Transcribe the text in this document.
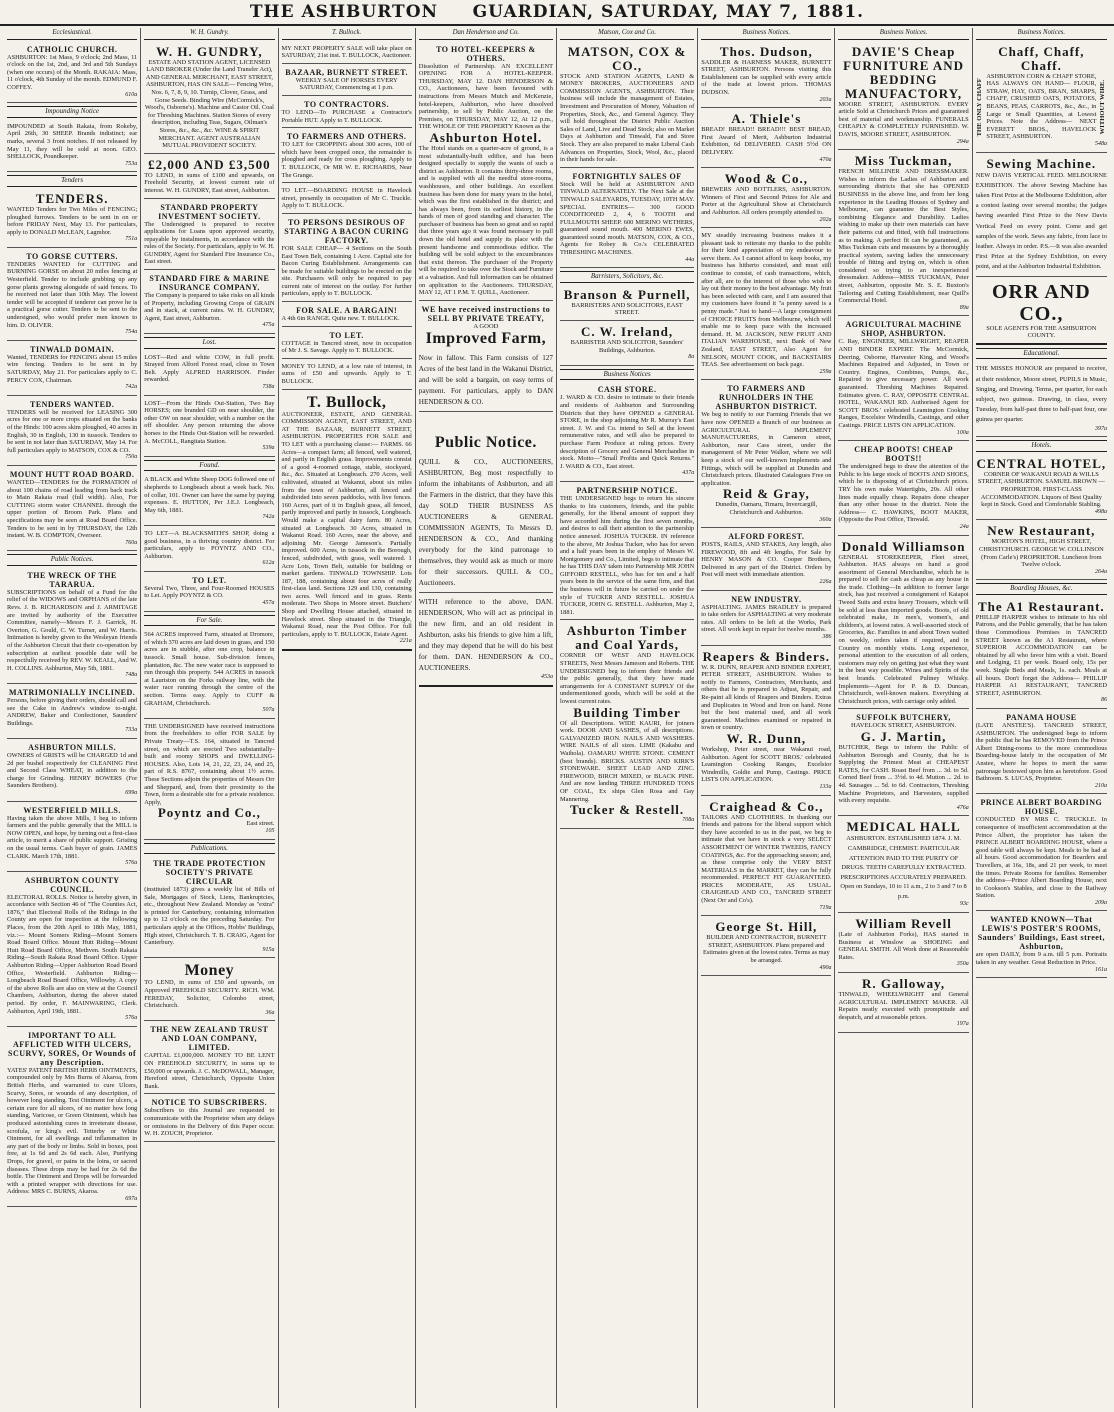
THE ASHBURTON GUARDIAN, SATURDAY, MAY 7, 1881.
Ecclesiastical.
CATHOLIC CHURCH.
ASHBURTON: 1st Mass, 9 o'clock; 2nd Mass, 11 o'clock on the 1st, 2nd, and 3rd and 5th Sundays (when one occurs) of the Month. RAKAIA: Mass, 11 o'clock, 4th Sunday of the month. EDMUND F. COFFEY.
610a
Impounding Notice
IMPOUNDED at South Rakaia, from Rokeby, April 26th, 30 SHEEP. Brands indistinct; ear marks, several 3 front notches. If not released by May 11, they will be sold at noon. GEO. SHELLOCK, Poundkeeper.
753a
Tenders
TENDERS.
WANTED Tenders for Two Miles of FENCING; ploughed furrows. Tenders to be sent in on or before FRIDAY Next, May 13. For particulars, apply to DONALD McLEAN, Lagmhor.
751a
TO GORSE CUTTERS.
TENDERS WANTED for CUTTING and BURNING GORSE on about 20 miles fencing at Westerfield. Tender to include grubbing up any gorse plants growing alongside of said fences. To be received not later than 10th May. The lowest tender will be accepted if tenderer can prove he is a practical gorse cutter. Tenders to be sent to the undersigned, who would prefer men known to him. D. OLIVER.
754a
TINWALD DOMAIN.
Wanted, TENDERS for FENCING about 15 miles wire fencing. Tenders to be sent in by SATURDAY, May 21. For particulars apply to C. PERCY COX, Chairman.
742a
TENDERS WANTED.
TENDERS will be received for LEASING 300 acres for one or more crops situated on the banks of the Hinds: 100 acres skim ploughed, 40 acres in English, 30 in English, 130 in tussock. Tenders to be sent in not later than SATURDAY, May 14. For full particulars apply to MATSON, COX & CO.
750a
MOUNT HUTT ROAD BOARD.
WANTED—TENDERS for the FORMATION of about 100 chains of road leading from back track to Main Rakaia road (full width). Also, For CUTTING storm water CHANNEL through the upper portion of Broom Park. Plans and specifications may be seen at Road Board Office. Tenders to be sent in by THURSDAY, the 12th instant. W. B. COMPTON, Overseer.
760a
Public Notices.
THE WRECK OF THE TARARUA.
SUBSCRIPTIONS on behalf of a Fund for the relief of the WIDOWS and ORPHANS of the late Revs. J. B. RICHARDSON and J. ARMITAGE are invited by authority of the Executive Committee, namely—Messrs F. J. Garrick, H. Overton, G. Gould, C. W. Turner, and W. Harris. Intimation is hereby given to the Wesleyan friends of the Ashburton Circuit that their co-operation by subscription at earliest possible date will be respectfully received by REV. W. KEALL, And W. H. COLLINS. Ashburton, May 5th, 1881.
748a
MATRIMONIALLY INCLINED.
Persons, before giving their orders, should call and see the Cake in Andrew's window to-night. ANDREW, Baker and Confectioner, Saunders' Buildings.
733a
ASHBURTON MILLS.
OWNERS of GRISTS will be CHARGED 1d and 2d per bushel respectively for CLEANING First and Second Class WHEAT, in addition to the charge for Grinding. HENRY BOWERS (For Saunders Brothers).
699a
WESTERFIELD MILLS.
Having taken the above Mills, I beg to inform farmers and the public generally that the MILL is NOW OPEN, and hope, by turning out a first-class article, to merit a share of public support. Gristing on the usual terms. Cash buyer of grain. JAMES CLARK. March 17th, 1881.
576a
ASHBURTON COUNTY COUNCIL.
ELECTORAL ROLLS. Notice is hereby given, in accordance with Section 46 of "The Counties Act, 1876," that Electoral Rolls of the Ridings in the County are open for inspection at the following Places, from the 20th April to 18th May, 1881, viz.:— Mount Somers Riding—Mount Somers Road Board Office. Mount Hutt Riding—Mount Hutt Road Board Office, Methven. South Rakaia Riding—South Rakaia Road Board Office. Upper Ashburton Riding—Upper Ashburton Road Board Office, Westerfield. Ashburton Riding—Longbeach Road Board Office, Willowby. A copy of the above Rolls are also on view at the Council Chambers, Ashburton, during the above stated period. By order, F. MAINWARING, Clerk. Ashburton, April 19th, 1881.
576a
IMPORTANT TO ALL AFFLICTED WITH ULCERS, SCURVY, SORES, Or Wounds of any Description.
YATES' PATENT BRITISH HERB OINTMENTS, compounded only by Mrs Burns of Akaroa, from British Herbs, and warranted to cure Ulcers, Scurvy, Sores, or wounds of any description, of however long standing. Test Ointment for ulcers, a certain cure for all ulcers, of no matter how long standing, Varicose, or Green Ointment, which has produced astonishing cures in inveterate disease, scrofula, or king's evil. Tetterby or White Ointment, for all swellings and inflammation in any part of the body or limbs. Sold in boxes, post free, at 1s 6d and 2s 6d each. Also, Purifying Drops, for gravel, or pains in the loins, or sacred diseases. These drops may be had for 2s 6d the bottle. The Ointment and Drops will be forwarded with a printed wrapper with directions for use. Address: MRS C. BURNS, Akaroa.
697a
W. H. Gundry.
W. H. GUNDRY,
ESTATE AND STATION AGENT, LICENSED LAND BROKER (Under the Land Transfer Act), AND GENERAL MERCHANT, EAST STREET, ASHBURTON, HAS ON SALE— Fencing Wire, Nos. 6, 7, 8, 9, 10. Turnip, Clover, Grass, and Gorse Seeds. Binding Wire (McCormick's, Wood's, Osborne's). Machine and Castor Oil. Coal for Threshing Machines. Station Stores of every description, including Teas, Sugars, Oilman's Stores, &c., &c., &c. WINE & SPIRIT MERCHANT. AGENT AUSTRALIAN MUTUAL PROVIDENT SOCIETY.
£2,000 AND £3,500
TO LEND, in sums of £100 and upwards, on Freehold Security, at lowest current rate of interest. W. H. GUNDRY, East street, Ashburton.
STANDARD PROPERTY INVESTMENT SOCIETY.
The Undersigned is prepared to receive applications for Loans upon approved security, repayable by instalments, in accordance with the rules of the Society. For particulars, apply to W. H. GUNDRY, Agent for Standard Fire Insurance Co., East street.
STANDARD FIRE & MARINE INSURANCE COMPANY.
The Company is prepared to take risks on all kinds of Property, including Growing Crops of GRAIN and in stack, at current rates. W. H. GUNDRY, Agent, East street, Ashburton.
475a
Lost.
LOST—Red and white COW, in full profit. Strayed from Alford Forest road, close to Town Belt. Apply ALFRED HARRISON. Finder rewarded.
738a
LOST—From the Hinds Out-Station, Two Bay HORSES; one branded GD on near shoulder, the other OW on near shoulder, with a number on the off shoulder. Any person returning the above horses to the Hinds Out-Station will be rewarded. A. McCOLL, Rangitata Station.
539a
Found.
A BLACK and White Sheep DOG followed one of shepherds to Longbeach about a week back. No. of collar, 101. Owner can have the same by paying expenses. E. HUTTON, Per J.E.J. Longbeach, May 6th, 1881.
742a
TO LET—A BLACKSMITH'S SHOP, doing a good business, in a thriving country district. For particulars, apply to POYNTZ AND CO., Ashburton.
612a
TO LET.
Several Two, Three, and Four-Roomed HOUSES to Let. Apply POYNTZ & CO.
457a
For Sale.
564 ACRES improved Farm, situated at Dromore, of which 370 acres are laid down in grass, and 150 acres are in stubble, after one crop, balance in tussock. Small house. Sub-division fences, plantation, &c. The new water race is supposed to run through this property. 544 ACRES in tussock at Lauriston on the Forks railway line, with the water race running through the centre of the section. Terms easy. Apply to CUFF & GRAHAM, Christchurch.
507a
THE UNDERSIGNED have received instructions from the freeholders to offer FOR SALE by Private Treaty—T.S. 164, situated in Tancred street, on which are erected Two substantially-built and roomy SHOPS and DWELLING-HOUSES. Also, Lots 14, 21, 22, 23, 24, and 25, part of R.S. 8767, containing about 1½ acres. These Sections adjoin the properties of Messrs Orr and Sheppard, and, from their proximity to the Town, form a desirable site for a private residence. Apply,
Poyntz and Co.,
East street.
105
Publications.
THE TRADE PROTECTION SOCIETY'S PRIVATE CIRCULAR
(instituted 1873) gives a weekly list of Bills of Sale, Mortgages of Stock, Liens, Bankruptcies, etc., throughout New Zealand. Monday as "extra" is printed for Canterbury, containing information up to 12 o'clock on the preceding Saturday. For particulars apply at the Offices, Hobbs' Buildings, High street, Christchurch. T. B. CRAIG, Agent for Canterbury.
915a
Money
TO LEND, in sums of £50 and upwards, on Approved FREEHOLD SECURITY. RICH. WM. FEREDAY, Solicitor, Colombo street, Christchurch.
36a
THE NEW ZEALAND TRUST AND LOAN COMPANY, LIMITED.
CAPITAL £1,000,000. MONEY TO BE LENT ON FREEHOLD SECURITY, in sums up to £50,000 or upwards. J. C. McDOWALL, Manager, Hereford street, Christchurch, Opposite Union Bank.
NOTICE TO SUBSCRIBERS.
Subscribers to this Journal are requested to communicate with the Proprietor when any delays or omissions in the Delivery of this Paper occur. W. H. ZOUCH, Proprietor.
T. Bullock.
MY NEXT PROPERTY SALE will take place on SATURDAY, 21st inst. T. BULLOCK, Auctioneer.
BAZAAR, BURNETT STREET.
WEEKLY SALE OF HORSES EVERY SATURDAY, Commencing at 1 p.m.
TO CONTRACTORS.
TO LEND—To PURCHASE a Contractor's Portable HUT. Apply to T. BULLOCK.
TO FARMERS AND OTHERS.
TO LET for CROPPING about 300 acres, 100 of which have been cropped once, the remainder is ploughed and ready for cross ploughing. Apply to T. BULLOCK, Or MR W. E. RICHARDS, Near The Grange.
TO LET.—BOARDING HOUSE in Havelock street, presently in occupation of Mr C. Truckle. Apply to T. BULLOCK.
TO PERSONS DESIROUS OF STARTING A BACON CURING FACTORY.
FOR SALE CHEAP— 4 Sections on the South East Town Belt, containing 1 Acre. Capital site for Bacon Curing Establishment. Arrangements can be made for suitable buildings to be erected on the site. Purchasers will only be required to pay current rate of interest on the outlay. For further particulars, apply to T. BULLOCK.
FOR SALE. A BARGAIN!
A 4th 6in RANGE. Quite new. T. BULLOCK.
TO LET.
COTTAGE in Tancred street, now in occupation of Mr J. S. Savage. Apply to T. BULLOCK.
MONEY TO LEND, at a low rate of interest, in sums of £50 and upwards. Apply to T. BULLOCK.
T. Bullock,
AUCTIONEER, ESTATE, AND GENERAL COMMISSION AGENT, EAST STREET, AND AT THE BAZAAR, BURNETT STREET, ASHBURTON. PROPERTIES FOR SALE and TO LET with a purchasing clause:— FARMS. 66 Acres—a compact farm; all fenced, well watered, and partly in English grass. Improvements consist of a good 4-roomed cottage, stable, stockyard, &c., &c. Situated at Longbeach. 270 Acres, well cultivated, situated at Wakanui, about six miles from the town of Ashburton, all fenced and subdivided into seven paddocks, with live fences. 160 Acres, part of it in English grass, all fenced, partly improved and partly in tussock, Longbeach. Would make a capital dairy farm. 80 Acres, situated at Longbeach. 30 Acres, situated in Wakanui Road. 160 Acres, near the above, and adjoining Mr. George Jameson's. Partially improved. 600 Acres, in tussock in the Borough, fenced, subdivided, with grass, well watered. 1 Acre Lots, Town Belt, suitable for building or market gardens. TINWALD TOWNSHIP. Lots 187, 188, containing about four acres of really first-class land. Sections 129 and 130, containing two acres. Well fenced and in grass. Rents moderate. Two Shops in Moore street. Butchers' Shop and Dwelling House attached, situated in Havelock street. Shop situated in the Triangle, Wakanui Road, near the Post Office. For full particulars, apply to T. BULLOCK, Estate Agent.
221a
Dan Henderson and Co.
TO HOTEL-KEEPERS & OTHERS.
Dissolution of Partnership. AN EXCELLENT OPENING FOR A HOTEL-KEEPER. THURSDAY, MAY 12. DAN HENDERSON & CO., Auctioneers, have been favoured with instructions from Messrs Mutch and McKenzie, hotel-keepers, Ashburton, who have dissolved partnership, to sell by Public Auction, on the Premises, on THURSDAY, MAY 12, At 12 p.m., THE WHOLE OF THE PROPERTY Known as the
Ashburton Hotel.
The Hotel stands on a quarter-acre of ground, is a most substantially-built edifice, and has been designed specially to supply the wants of such a district as Ashburton. It contains thirty-three rooms, and is supplied with all the needful store-rooms, washhouses, and other buildings. An excellent business has been done for many years in the hotel, which was the first established in the district; and has always been, from its earliest history, in the hands of men of good standing and character. The purchaser of business has been so great and so rapid that three years ago it was found necessary to pull down the old hotel and supply its place with the present handsome and commodious edifice. The building will be sold subject to the encumbrances that exist thereon. The purchaser of the Property will be required to take over the Stock and Furniture at a valuation. And full information can be obtained on application to the Auctioneers. THURSDAY, MAY 12, AT 1 P.M. T. QUILL, Auctioneer.
WE have received instructions to SELL BY PRIVATE TREATY,
A GOOD
Improved Farm,
Now in fallow. This Farm consists of 127 Acres of the best land in the Wakanui District, and will be sold a bargain, on easy terms of payment. For particulars, apply to DAN HENDERSON & CO.
Public Notice.
QUILL & CO., AUCTIONEERS, ASHBURTON, Beg most respectfully to inform the inhabitants of Ashburton, and all the Farmers in the district, that they have this day SOLD THEIR BUSINESS AS AUCTIONEERS & GENERAL COMMISSION AGENTS, To Messrs D. HENDERSON & CO., And thanking everybody for the kind patronage to themselves, they would ask as much or more for their successors. QUILL & CO., Auctioneers.
WITH reference to the above, DAN. HENDERSON, Who will act as principal in the new firm, and an old resident in Ashburton, asks his friends to give him a lift, and they may depend that he will do his best for them. DAN. HENDERSON & CO., AUCTIONEERS.
453a
Matson, Cox and Co.
MATSON, COX & CO.,
STOCK AND STATION AGENTS, LAND & MONEY BROKERS, AUCTIONEERS AND COMMISSION AGENTS, ASHBURTON. Their business will include the management of Estates, Investment and Procuration of Money, Valuation of Properties, Stock, &c., and General Agency. They will hold throughout the District Public Auction Sales of Land, Live and Dead Stock; also on Market Days at Ashburton and Tinwald, Fat and Store Stock. They are also prepared to make Liberal Cash Advances on Properties, Stock, Wool, &c., placed in their hands for sale.
FORTNIGHTLY SALES OF
Stock Will be held at ASHBURTON AND TINWALD ALTERNATELY. The Next Sale at the TINWALD SALEYARDS, TUESDAY, 10TH MAY. SPECIAL ENTRIES— 300 GOOD CONDITIONED 2, 4, 6 TOOTH and FULLMOUTH SHEEP. 600 MERINO WETHERS, guaranteed sound mouth. 400 MERINO EWES, guaranteed sound mouth. MATSON, COX, & CO., Agents for Robey & Co.'s CELEBRATED THRESHING MACHINES.
44a
Barristers, Solicitors, &c.
Branson & Purnell,
BARRISTERS AND SOLICITORS, EAST STREET.
C. W. Ireland,
BARRISTER AND SOLICITOR, Saunders' Buildings, Ashburton.
8a
Business Notices
CASH STORE.
J. WARD & CO. desire to intimate to their friends and residents of Ashburton and Surrounding Districts that they have OPENED a GENERAL STORE, in the shop adjoining Mr R. Murray's East street. J. W. and Co. intend to Sell at the lowest remunerative rates, and will also be prepared to purchase Farm Produce at ruling prices. Every description of Grocery and General Merchandise in stock. Motto—"Small Profits and Quick Returns." J. WARD & CO., East street.
437a
PARTNERSHIP NOTICE.
THE UNDERSIGNED begs to return his sincere thanks to his customers, friends, and the public generally, for the liberal amount of support they have accorded him during the first seven months, and desires to call their attention to the partnership notice annexed. JOSHUA TUCKER. IN reference to the above, Mr Joshua Tucker, who has for seven and a half years been in the employ of Messrs W. Montgomery and Co., Limited, begs to intimate that he has THIS DAY taken into Partnership MR JOHN GIFFORD RESTELL, who has for ten and a half years been in the service of the same firm, and that the business will in future be carried on under the style of TUCKER AND RESTELL. JOSHUA TUCKER, JOHN G. RESTELL. Ashburton, May 2, 1881.
Ashburton Timber and Coal Yards,
CORNER OF WEST AND HAVELOCK STREETS, Next Messrs Jameson and Roberts. THE UNDERSIGNED beg to inform their friends and the public generally, that they have made arrangements for A CONSTANT SUPPLY Of the undermentioned goods, which will be sold at the lowest current rates.
Building Timber
Of all Descriptions. WIDE KAURI, for joiners work. DOOR AND SASHES, of all descriptions. GALVANIZED IRON. NAILS AND WASHERS. WIRE NAILS of all sizes. LIME (Kakahu and Waihola). OAMARU WHITE STONE. CEMENT (best brands). BRICKS. AUSTIN AND KIRK'S STONEWARE. SHEET LEAD AND ZINC. FIREWOOD, BIRCH MIXED, or BLACK PINE. And are now landing THREE HUNDRED TONS OF COAL, Ex ships Glen Rosa and Gay Mannering.
Tucker & Restell.
708a
Business Notices.
Thos. Dudson,
SADDLER & HARNESS MAKER, BURNETT STREET, ASHBURTON. Persons visiting this Establishment can be supplied with every article of the trade at lowest prices. THOMAS DUDSON.
203a
A. Thiele's
BREAD! BREAD!! BREAD!!! BEST BREAD, First Award of Merit, Ashburton Industrial Exhibition, 6d DELIVERED. CASH 5½d ON DELIVERY.
470a
Wood & Co.,
BREWERS AND BOTTLERS, ASHBURTON. Winners of First and Second Prizes for Ale and Porter at the Agricultural Show at Christchurch and Ashburton. All orders promptly attended to.
202a
MY steadily increasing business makes it a pleasant task to reiterate my thanks to the public for their kind appreciation of my endeavour to serve them. As I cannot afford to keep books, my business has hitherto consisted, and must still continue to consist, of cash transactions, which, after all, are to the interest of those who wish to lay out their money to the best advantage. My fruit has been selected with care, and I am assured that my customers have found it "a penny saved is a penny made." Just to hand—A large consignment of CHOICE FRUITS from Melbourne, which will enable me to keep pace with the increased demand. H. M. JACKSON, NEW FRUIT AND ITALIAN WAREHOUSE, next Bank of New Zealand, EAST STREET, Also Agent for NELSON, MOUNT COOK, and BACKSTAIRS TEAS. See advertisement on back page.
259a
TO FARMERS AND RUNHOLDERS IN THE ASHBURTON DISTRICT.
We beg to notify to our Farming Friends that we have now OPENED a Branch of our business as AGRICULTURAL IMPLEMENT MANUFACTURERS, in Cameron street, Ashburton, near Cass street, under the management of Mr Peter Walker, where we will keep a stock of our well-known Implements and Fittings, which will be supplied at Dunedin and Christchurch prices. Illustrated Catalogues Free on application.
Reid & Gray,
Dunedin, Oamaru, Timaru, Invercargill, Christchurch and Ashburton.
360a
ALFORD FOREST.
POSTS, RAILS, AND STAKES, Any length, also FIREWOOD, 8ft and 4ft lengths, For Sale by HENRY MASON & CO. Cooper Brothers, Delivered in any part of the District. Orders by Post will meet with immediate attention.
226a
NEW INDUSTRY.
ASPHALTING. JAMES BRADLEY is prepared to take orders for ASPHALTING at very moderate rates. All orders to be left at the Works, Park street. All work kept in repair for twelve months.
386
Reapers & Binders.
W. R. DUNN, REAPER AND BINDER EXPERT, PETER STREET, ASHBURTON. Wishes to notify to Farmers, Contractors, Merchants, and others that he is prepared to Adjust, Repair, and Re-paint all kinds of Reapers and Binders. Extras and Duplicates in Wood and Iron on hand. None but the best material used, and all work guaranteed. Machines examined or repaired in town or country.
W. R. Dunn,
Workshop, Peter street, near Wakanui road, Ashburton. Agent for SCOTT BROS.' celebrated Leamington Cooking Ranges, Excelsior Windmills, Goldie and Pump, Castings. PRICE LISTS ON APPLICATION.
133a
Craighead & Co.,
TAILORS AND CLOTHIERS. In thanking our friends and patrons for the liberal support which they have accorded to us in the past, we beg to intimate that we have in stock a very SELECT ASSORTMENT OF WINTER TWEEDS, FANCY COATINGS, &c. For the approaching season; and, as these comprise only the VERY BEST MATERIALS in the MARKET, they can be fully recommended. PERFECT FIT GUARANTEED. PRICES MODERATE, AS USUAL. CRAIGHEAD AND CO., TANCRED STREET (Next Orr and Co's).
719a
George St. Hill,
BUILDER AND CONTRACTOR, BURNETT STREET, ASHBURTON. Plans prepared and Estimates given at the lowest rates. Terms as may be arranged.
490a
Business Notices.
DAVIE'S Cheap FURNITURE AND BEDDING MANUFACTORY,
MOORE STREET, ASHBURTON. EVERY article Sold at Christchurch Prices and guaranteed best of material and workmanship. FUNERALS CHEAPLY & COMPLETELY FURNISHED. W. DAVIS, MOORE STREET, ASHBURTON.
294a
Miss Tuckman,
FRENCH MILLINER AND DRESSMAKER. Wishes to inform the Ladies of Ashburton and surrounding districts that she has OPENED BUSINESS in the above line, and from her long experience in the Leading Houses of Sydney and Melbourne, can guarantee the Best Styles, combining Elegance and Durability. Ladies wishing to make up their own materials can have their patterns cut and fitted, with full instructions as to making. A perfect fit can be guaranteed, as Miss Tuckman cuts and measures by a thoroughly practical system, saving ladies the unnecessary trouble of fitting and trying on, which is often considered so trying to an inexperienced dressmaker. Address—MISS TUCKMAN, Peter street, Ashburton, opposite Mr. S. E. Buxton's Tailoring and Cutting Establishment, near Quill's Commercial Hotel.
89a
AGRICULTURAL MACHINE SHOP, ASHBURTON.
C. Ray, ENGINEER, MILLWRIGHT, REAPER AND BINDER EXPERT. The McCormick, Deering, Osborne, Harvester King, and Wood's Machines Repaired and Adjusted, in Town or Country. Engines, Combines, Pumps, &c., Repaired to give necessary power. All work guaranteed. Threshing Machines Repaired. Estimates given. C. RAY, OPPOSITE CENTRAL HOTEL, WAKANUI RD. Authorised Agent for SCOTT BROS.' celebrated Leamington Cooking Ranges, Excelsior Windmills, Castings, and other Castings. PRICE LISTS ON APPLICATION.
100a
CHEAP BOOTS! CHEAP BOOTS!!
The undersigned begs to draw the attention of the Public to his large stock of BOOTS AND SHOES, which he is disposing of at Christchurch prices. TRY his own make Watertights, 20s. All other lines made equally cheap. Repairs done cheaper than any other house in the district. Note the Address— C. HAWKINS, BOOT MAKER, (Opposite the Post Office, Tinwald.
24a
Donald Williamson
GENERAL STOREKEEPER, Fleet street, Ashburton. HAS always on hand a good assortment of General Merchandise, which he is prepared to sell for cash as cheap as any house in the trade. Clothing—In addition to former large stock, has just received a consignment of Kaiapoi Tweed Suits and extra heavy Trousers, which will be sold at less than imported goods. Boots, of old celebrated make, in men's, women's, and children's, at lowest rates. A well-assorted stock of Groceries, &c. Families in and about Town waited on weekly, orders taken if required, and in Country on monthly visits. Long experience, personal attention to the execution of all orders, customers may rely on getting just what they want in the best way possible. Wines and Spirits of the best brands. Celebrated Pultney Whisky. Implements—Agent for P. & D. Duncan, Christchurch, well-known makers. Everything at Christchurch prices, with carriage only added.
SUFFOLK BUTCHERY,
HAVELOCK STREET, ASHBURTON.
G. J. Martin,
BUTCHER, Begs to inform the Public of Ashburton Borough and County, that he is Supplying the Primest Meat at CHEAPEST RATES, for CASH. Roast Beef from ... 3d. to 5d. Corned Beef from ... 3½d. to 4d. Mutton ... 2d. to 4d. Sausages ... 5d. to 6d. Contractors, Threshing Machine Proprietors, and Harvesters, supplied with every requisite.
476a
MEDICAL HALL
ASHBURTON. ESTABLISHED 1874. J. M. CAMBRIDGE, CHEMIST. PARTICULAR ATTENTION PAID TO THE PURITY OF DRUGS. TEETH CAREFULLY EXTRACTED. PRESCRIPTIONS ACCURATELY PREPARED. Open on Sundays, 10 to 11 a.m., 2 to 3 and 7 to 8 p.m.
93c
William Revell
(Late of Ashburton Forks), HAS started in Business at Winslow as SHOEING and GENERAL SMITH. All Work done at Reasonable Rates.
350a
R. Galloway,
TINWALD, WHEELWRIGHT and General AGRICULTURAL IMPLEMENT MAKER. All Repairs neatly executed with promptitude and despatch, and at reasonable prices.
197a
Business Notices.
Chaff, Chaff, Chaff.
THE ONLY CHAFF
ASHBURTON CORN & CHAFF STORE, HAS ALWAYS ON HAND— FLOUR, STRAW, HAY, OATS, BRAN, SHARPS, CHAFF, CRUSHED OATS, POTATOES, BEANS, PEAS, CARROTS, &c., &c., in Large or Small Quantities, at Lowest Prices. Note the Address— NEXT EVERETT BROS., HAVELOCK STREET, ASHBURTON.
WITHOUT WIRE.
548a
Sewing Machine.
NEW DAVIS VERTICAL FEED. MELBOURNE EXHIBITION. The above Sewing Machine has taken First Prize at the Melbourne Exhibition, after a contest lasting over several months; the judges having awarded First Prize to the New Davis Vertical Feed on every point. Come and get samples of the work. Sews any fabric, from lace to leather. Always in order. P.S.—It was also awarded First Prize at the Sydney Exhibition, on every point, and at the Ashburton Industrial Exhibition.
ORR AND CO.,
SOLE AGENTS FOR THE ASHBURTON COUNTY.
Educational.
THE MISSES HONOUR are prepared to receive, at their residence, Moore street, PUPILS in Music, Singing, and Drawing. Terms, per quarter, for each subject, two guineas. Drawing, in class, every Tuesday, from half-past three to half-past four, one guinea per quarter.
397a
Hotels.
CENTRAL HOTEL,
CORNER OF WAKANUI ROAD & WILLS STREET, ASHBURTON. SAMUEL BROWN — PROPRIETOR. FIRST-CLASS ACCOMMODATION. Liquors of Best Quality kept in Stock. Good and Comfortable Stabling.
498a
New Restaurant,
MORTON'S HOTEL, HIGH STREET, CHRISTCHURCH. GEORGE W. COLLINSON (From Carle's) PROPRIETOR. Luncheon from Twelve o'clock.
264a
Boarding Houses, &c.
The A1 Restaurant.
PHILLIP HARPER wishes to intimate to his old Patrons, and the Public generally, that he has taken those Commodious Premises in TANCRED STREET known as the A1 Restaurant, where SUPERIOR ACCOMMODATION can be obtained by all who favor him with a visit. Board and Lodging, £1 per week. Board only, 15s per week. Single Beds and Meals, 1s. each. Meals at all hours. Don't forget the Address— PHILLIP HARPER A1 RESTAURANT, TANCRED STREET, ASHBURTON.
86
PANAMA HOUSE
(LATE ANSTEE'S). TANCRED STREET, ASHBURTON. The undersigned begs to inform the public that he has REMOVED from the Prince Albert Dining-rooms to the more commodious Boarding-house lately in the occupation of Mr Anstee, where he hopes to merit the same patronage bestowed upon him as heretofore. Good Bathroom. S. LUCAS, Proprietor.
210a
PRINCE ALBERT BOARDING HOUSE.
CONDUCTED BY MRS C. TRUCKLE. In consequence of insufficient accommodation at the Prince Albert, the proprietor has taken the PRINCE ALBERT BOARDING HOUSE, where a good table will always be kept. Meals to be had at all hours. Good accommodation for Boarders and Travellers, at 16s, 18s, and 21 per week, to meet the times. Private Rooms for families. Remember the address—Prince Albert Boarding House, next to Cookson's Stables, and close to the Railway Station.
209a
WANTED KNOWN—That LEWIS'S POSTER'S ROOMS, Saunders' Buildings, East street, Ashburton,
are open DAILY, from 9 a.m. till 5 p.m. Portraits taken in any weather. Great Reduction in Price.
161a
